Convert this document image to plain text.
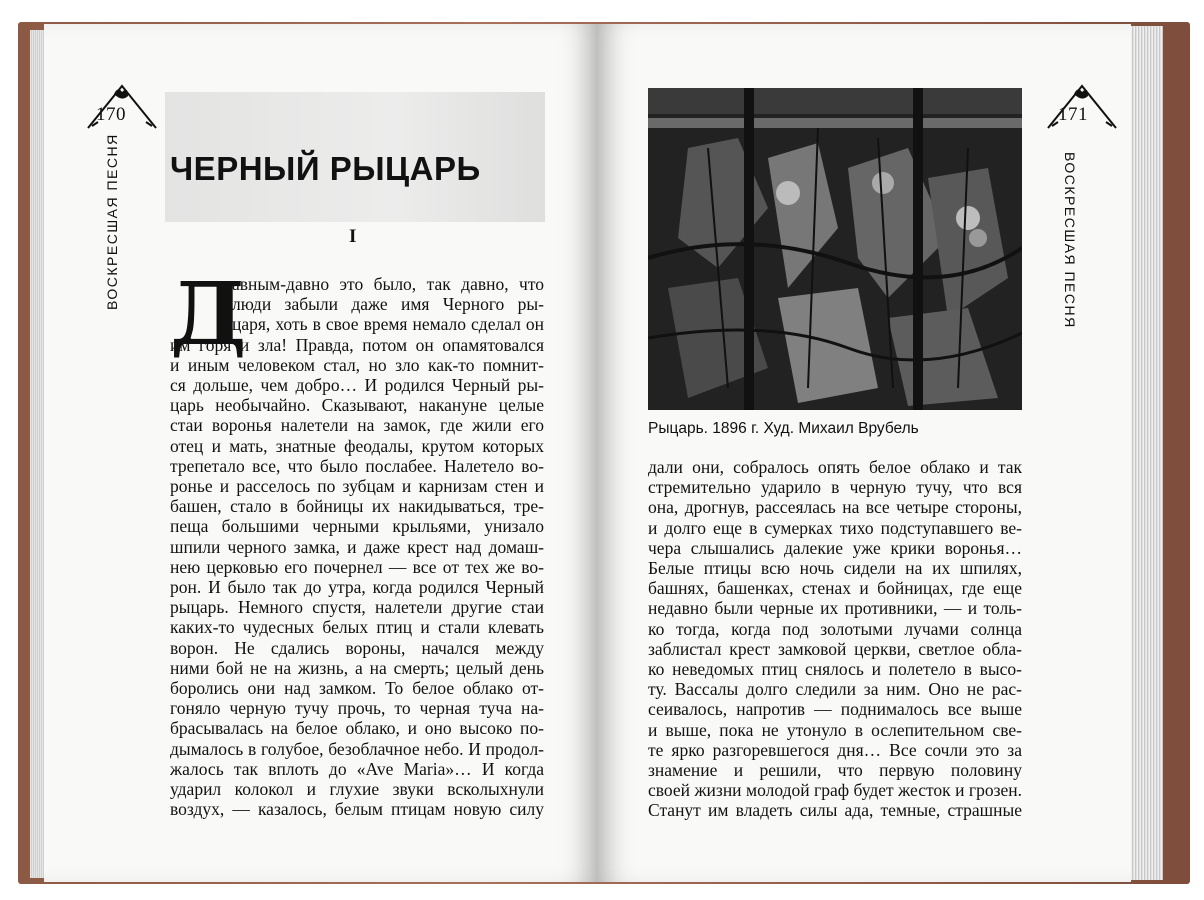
170	171
ВОСКРЕСШАЯ ПЕСНЯ	ВОСКРЕСШАЯ ПЕСНЯ
ЧЕРНЫЙ РЫЦАРЬ
I
Д
авным-давно это было, так давно, что
люди забыли даже имя Черного ры-
царя, хоть в свое время немало сделал он
им горя и зла! Правда, потом он опамятовался
и иным человеком стал, но зло как-то помнит-
ся дольше, чем добро… И родился Черный ры-
царь необычайно. Сказывают, накануне целые
стаи воронья налетели на замок, где жили его
отец и мать, знатные феодалы, крутом которых
трепетало все, что было послабее. Налетело во-
ронье и расселось по зубцам и карнизам стен и
башен, стало в бойницы их накидываться, тре-
пеща большими черными крыльями, унизало
шпили черного замка, и даже крест над домаш-
нею церковью его почернел — все от тех же во-
рон. И было так до утра, когда родился Черный
рыцарь. Немного спустя, налетели другие стаи
каких-то чудесных белых птиц и стали клевать
ворон. Не сдались вороны, начался между
ними бой не на жизнь, а на смерть; целый день
боролись они над замком. То белое облако от-
гоняло черную тучу прочь, то черная туча на-
брасывалась на белое облако, и оно высоко по-
дымалось в голубое, безоблачное небо. И продол-
жалось так вплоть до «Ave Maria»… И когда
ударил колокол и глухие звуки всколыхнули
воздух, — казалось, белым птицам новую силу
Рыцарь. 1896 г. Худ. Михаил Врубель
дали они, собралось опять белое облако и так
стремительно ударило в черную тучу, что вся
она, дрогнув, рассеялась на все четыре стороны,
и долго еще в сумерках тихо подступавшего ве-
чера слышались далекие уже крики воронья…
Белые птицы всю ночь сидели на их шпилях,
башнях, башенках, стенах и бойницах, где еще
недавно были черные их противники, — и толь-
ко тогда, когда под золотыми лучами солнца
заблистал крест замковой церкви, светлое обла-
ко неведомых птиц снялось и полетело в высо-
ту. Вассалы долго следили за ним. Оно не рас-
сеивалось, напротив — поднималось все выше
и выше, пока не утонуло в ослепительном све-
те ярко разгоревшегося дня… Все сочли это за
знамение и решили, что первую половину
своей жизни молодой граф будет жесток и грозен.
Станут им владеть силы ада, темные, страшные
